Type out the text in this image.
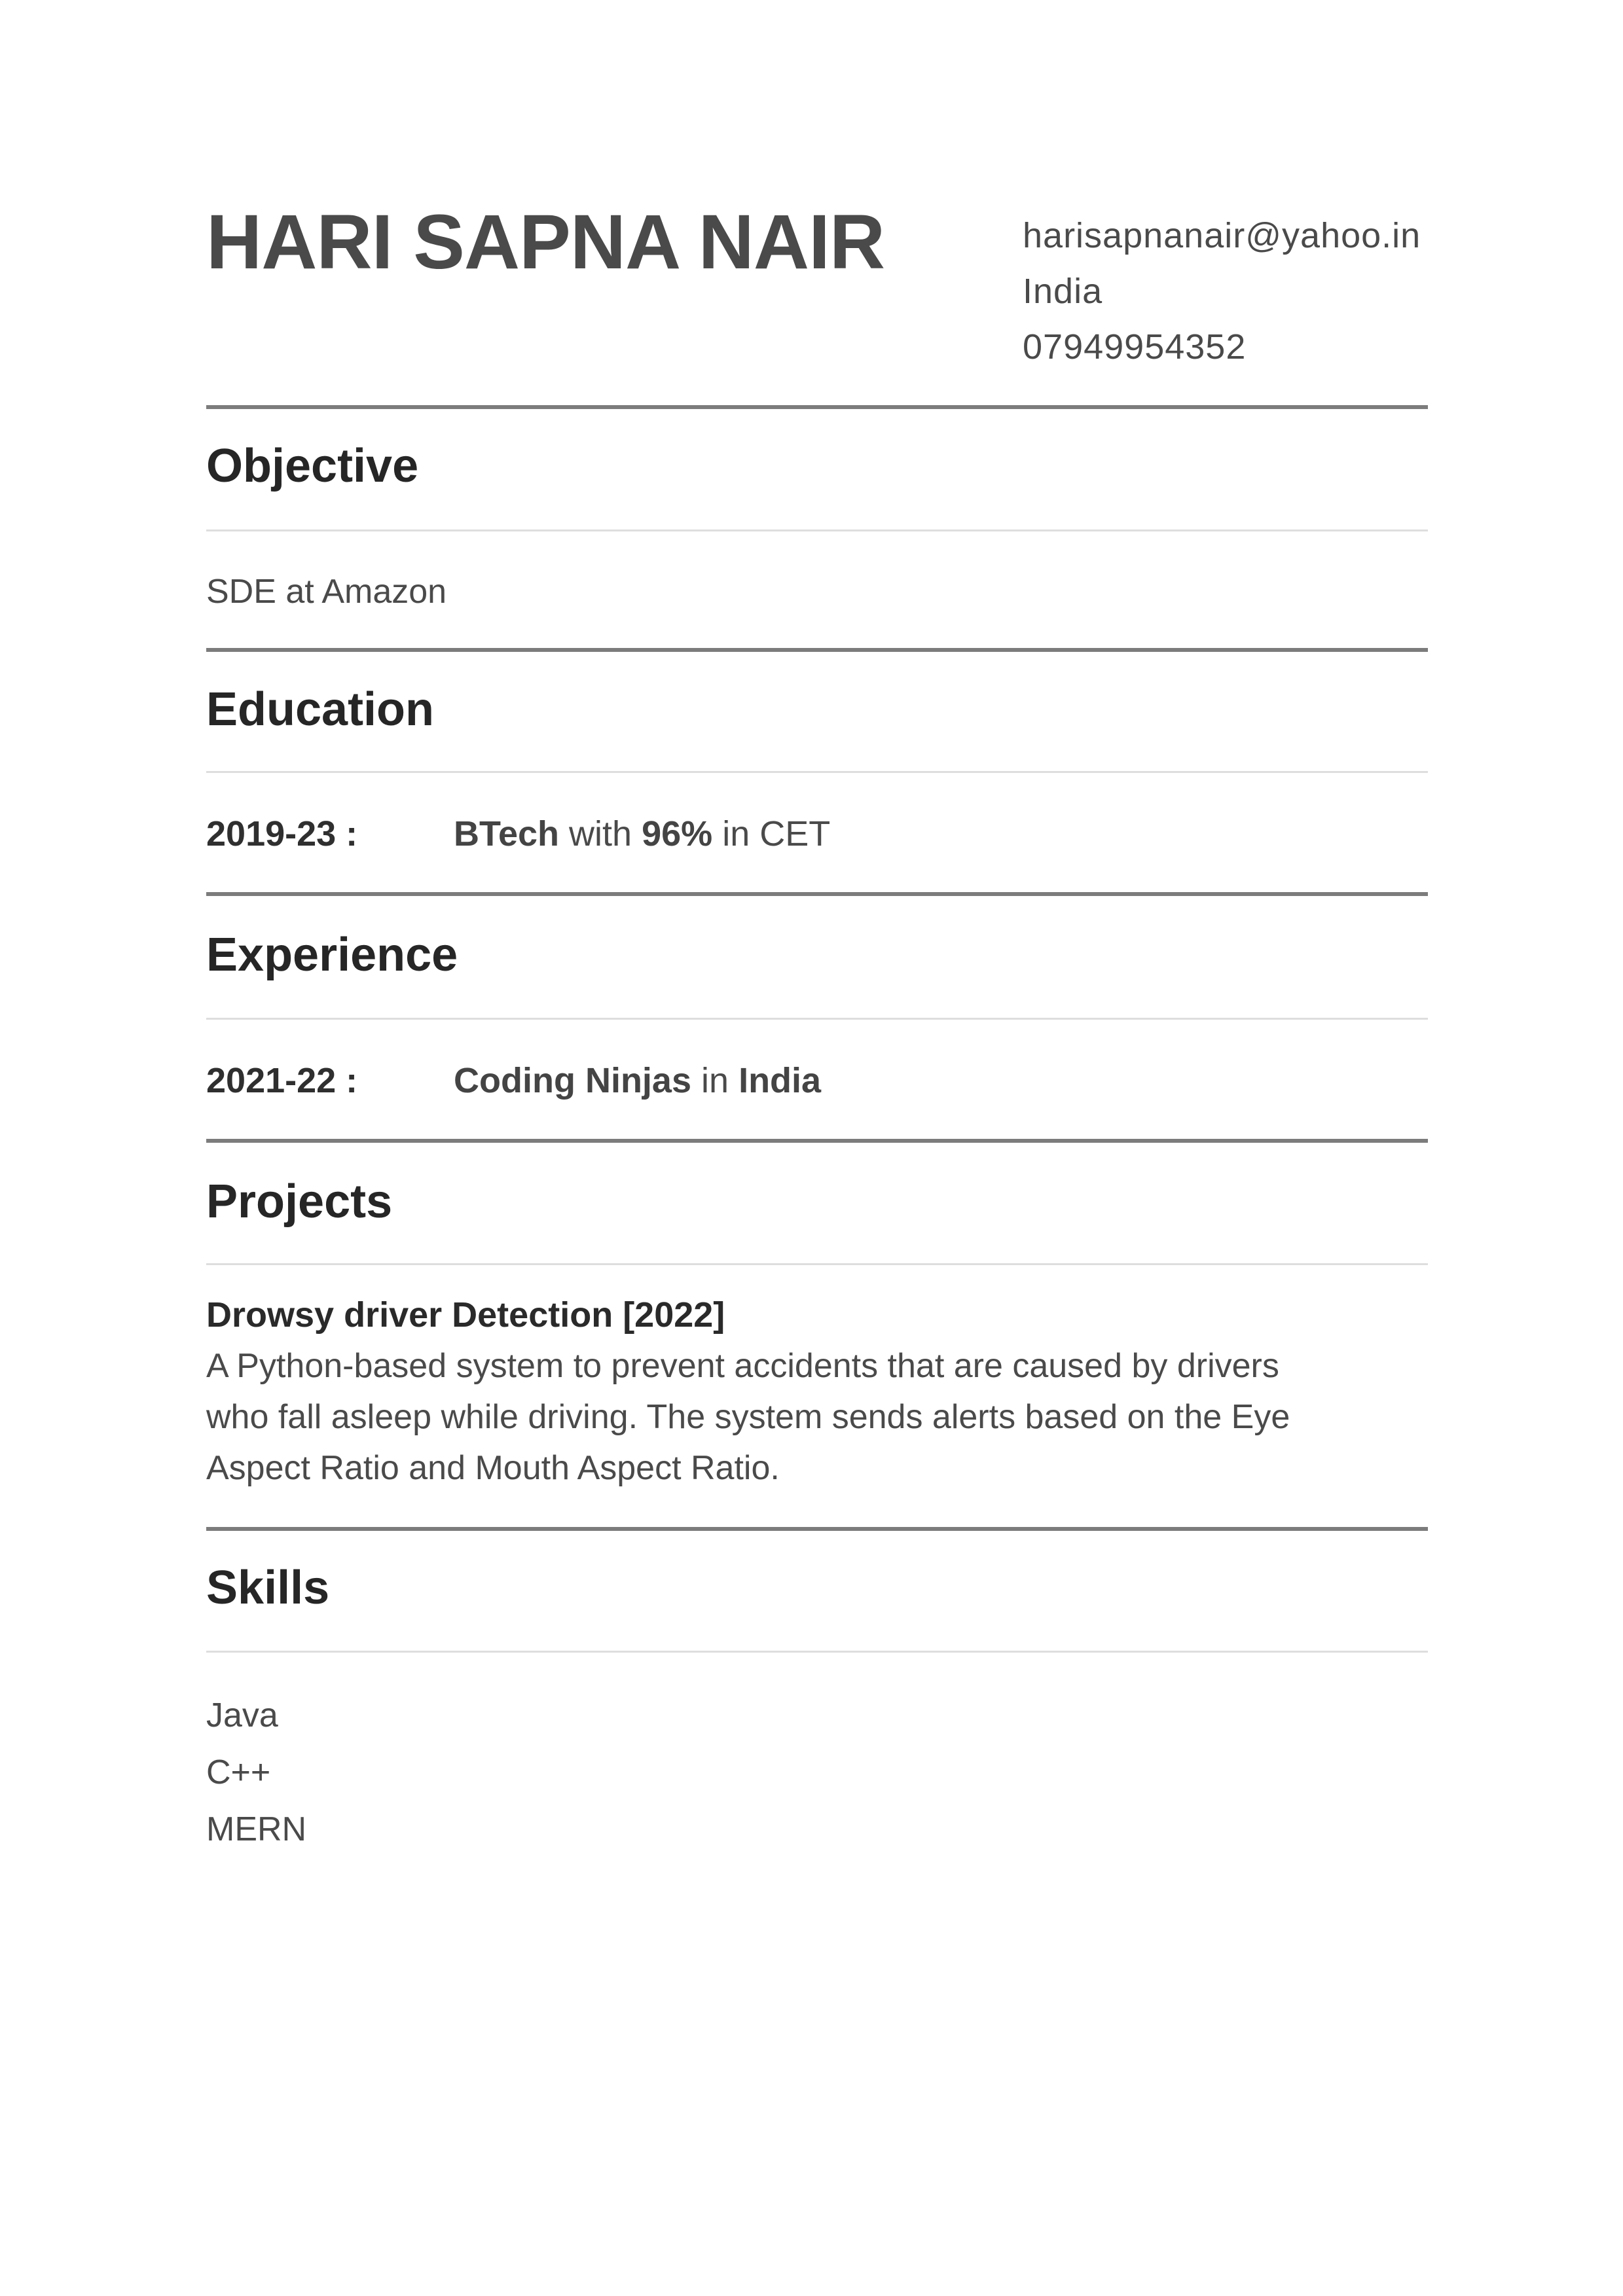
HARI SAPNA NAIR	harisapnanair@yahoo.in
India
07949954352
Objective
SDE at Amazon
Education
2019-23 :	BTech with 96% in CET
Experience
2021-22 :	Coding Ninjas in India
Projects
Drowsy driver Detection [2022]
A Python-based system to prevent accidents that are caused by drivers
who fall asleep while driving. The system sends alerts based on the Eye
Aspect Ratio and Mouth Aspect Ratio.
Skills
Java
C++
MERN
